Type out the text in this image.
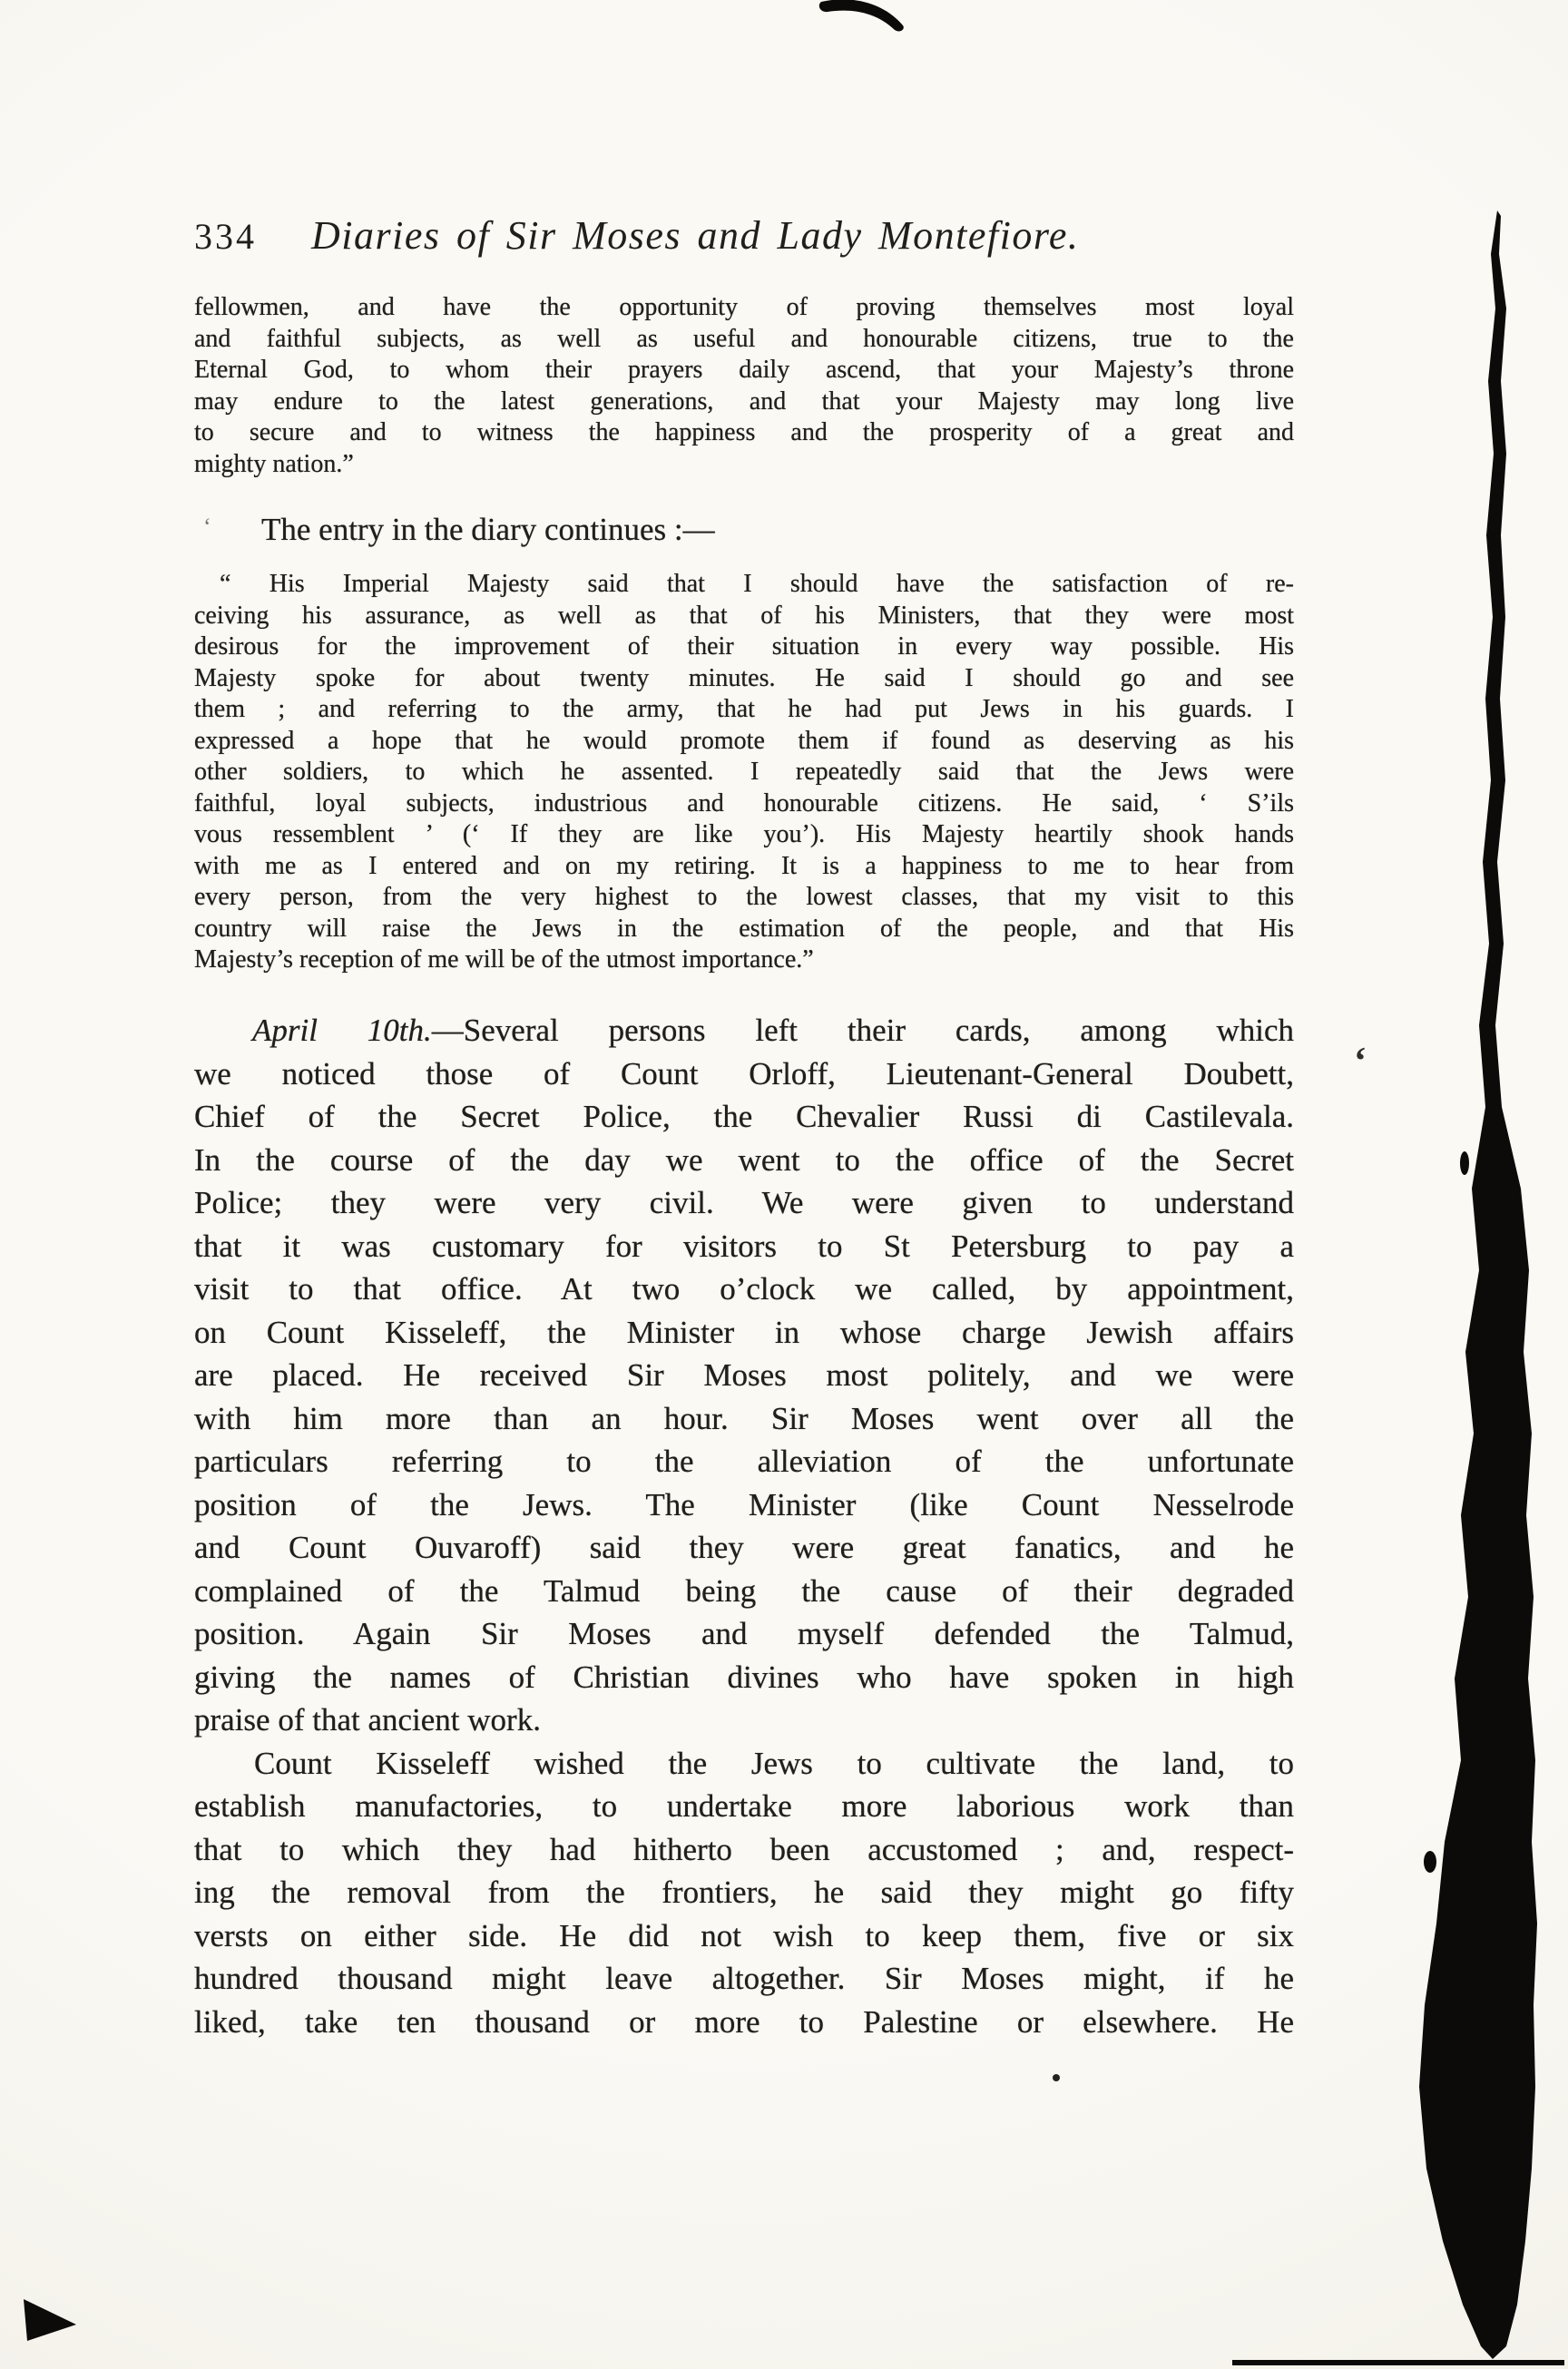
334 Diaries of Sir Moses and Lady Montefiore.
fellowmen, and have the opportunity of proving themselves most loyal
and faithful subjects, as well as useful and honourable citizens, true to the
Eternal God, to whom their prayers daily ascend, that your Majesty’s throne
may endure to the latest generations, and that your Majesty may long live
to secure and to witness the happiness and the prosperity of a great and
mighty nation.”
The entry in the diary continues :—
“ His Imperial Majesty said that I should have the satisfaction of re-
ceiving his assurance, as well as that of his Ministers, that they were most
desirous for the improvement of their situation in every way possible. His
Majesty spoke for about twenty minutes. He said I should go and see
them ; and referring to the army, that he had put Jews in his guards. I
expressed a hope that he would promote them if found as deserving as his
other soldiers, to which he assented. I repeatedly said that the Jews were
faithful, loyal subjects, industrious and honourable citizens. He said, ‘ S’ils
vous ressemblent ’ (‘ If they are like you’). His Majesty heartily shook hands
with me as I entered and on my retiring. It is a happiness to me to hear from
every person, from the very highest to the lowest classes, that my visit to this
country will raise the Jews in the estimation of the people, and that His
Majesty’s reception of me will be of the utmost importance.”
April 10th.—Several persons left their cards, among which
we noticed those of Count Orloff, Lieutenant-General Doubett,
Chief of the Secret Police, the Chevalier Russi di Castilevala.
In the course of the day we went to the office of the Secret
Police; they were very civil. We were given to understand
that it was customary for visitors to St Petersburg to pay a
visit to that office. At two o’clock we called, by appointment,
on Count Kisseleff, the Minister in whose charge Jewish affairs
are placed. He received Sir Moses most politely, and we were
with him more than an hour. Sir Moses went over all the
particulars referring to the alleviation of the unfortunate
position of the Jews. The Minister (like Count Nesselrode
and Count Ouvaroff) said they were great fanatics, and he
complained of the Talmud being the cause of their degraded
position. Again Sir Moses and myself defended the Talmud,
giving the names of Christian divines who have spoken in high
praise of that ancient work.
Count Kisseleff wished the Jews to cultivate the land, to
establish manufactories, to undertake more laborious work than
that to which they had hitherto been accustomed ; and, respect-
ing the removal from the frontiers, he said they might go fifty
versts on either side. He did not wish to keep them, five or six
hundred thousand might leave altogether. Sir Moses might, if he
liked, take ten thousand or more to Palestine or elsewhere. He
‘
‘
